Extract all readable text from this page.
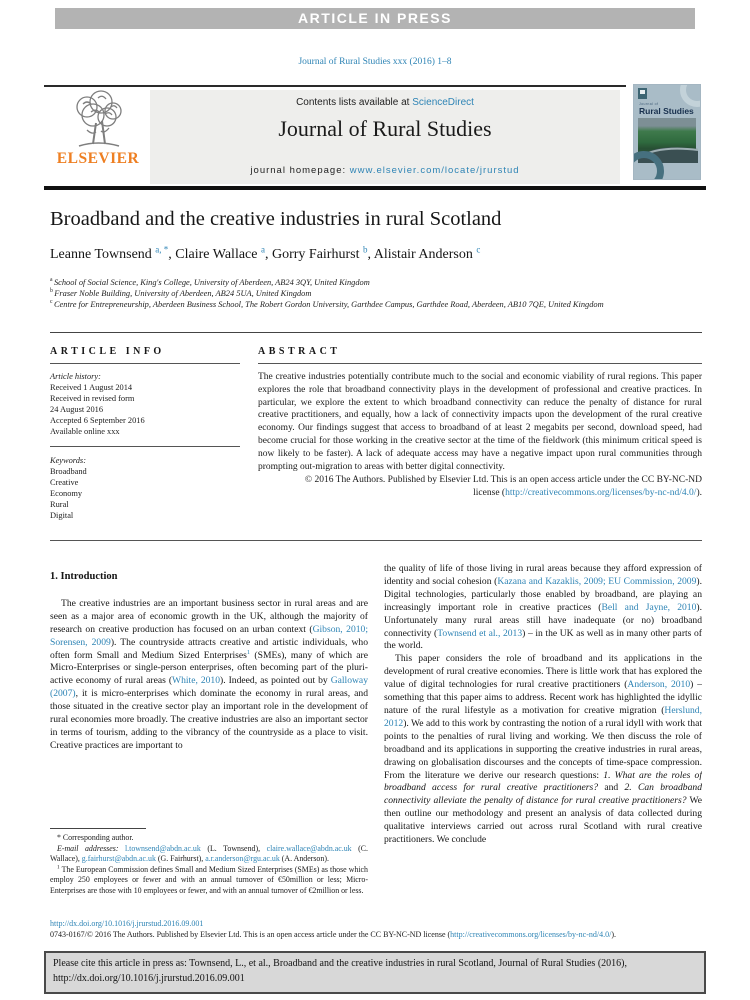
ARTICLE IN PRESS
Journal of Rural Studies xxx (2016) 1–8
ELSEVIER
Contents lists available at ScienceDirect
Journal of Rural Studies
journal homepage: www.elsevier.com/locate/jrurstud
Journal of
Rural Studies
Broadband and the creative industries in rural Scotland
Leanne Townsend $^{a, *}$, Claire Wallace $^a$, Gorry Fairhurst $^b$, Alistair Anderson $^c$
$^a$ School of Social Science, King's College, University of Aberdeen, AB24 3QY, United Kingdom
$^b$ Fraser Noble Building, University of Aberdeen, AB24 5UA, United Kingdom
$^c$ Centre for Entrepreneurship, Aberdeen Business School, The Robert Gordon University, Garthdee Campus, Garthdee Road, Aberdeen, AB10 7QE, United Kingdom
ARTICLE INFO
Article history:
Received 1 August 2014
Received in revised form
24 August 2016
Accepted 6 September 2016
Available online xxx
Keywords:
Broadband
Creative
Economy
Rural
Digital
ABSTRACT

The creative industries potentially contribute much to the social and economic viability of rural regions. This paper explores the role that broadband connectivity plays in the development of professional and creative practices. In particular, we explore the extent to which broadband connectivity can reduce the penalty of distance for rural creative practitioners, and equally, how a lack of connectivity impacts upon the development of the rural creative economy. Our findings suggest that access to broadband of at least 2 megabits per second, download speed, had become crucial for those working in the creative sector at the time of the fieldwork (this minimum critical speed is now likely to be faster). A lack of adequate access may have a negative impact upon rural communities through prompting out-migration to areas with better digital connectivity.

© 2016 The Authors. Published by Elsevier Ltd. This is an open access article under the CC BY-NC-ND
license (http://creativecommons.org/licenses/by-nc-nd/4.0/).
1. Introduction

The creative industries are an important business sector in rural areas and are seen as a major area of economic growth in the UK, although the majority of research on creative production has focused on an urban context (Gibson, 2010; Sorensen, 2009). The countryside attracts creative and artistic individuals, who often form Small and Medium Sized Enterprises$^1$ (SMEs), many of which are Micro-Enterprises or single-person enterprises, often becoming part of the pluri-active economy of rural areas (White, 2010). Indeed, as pointed out by Galloway (2007), it is micro-enterprises which dominate the economy in rural areas, and those situated in the creative sector play an important role in the development of rural economies more broadly. The creative industries are also an important sector in terms of tourism, adding to the vibrancy of the countryside as a place to visit. Creative practices are important to

the quality of life of those living in rural areas because they afford expression of identity and social cohesion (Kazana and Kazaklis, 2009; EU Commission, 2009). Digital technologies, particularly those enabled by broadband, are playing an increasingly important role in creative practices (Bell and Jayne, 2010). Unfortunately many rural areas still have inadequate (or no) broadband connectivity (Townsend et al., 2013) – in the UK as well as in many other parts of the world.

This paper considers the role of broadband and its applications in the development of rural creative economies. There is little work that has explored the value of digital technologies for rural creative practitioners (Anderson, 2010) – something that this paper aims to address. Recent work has highlighted the idyllic nature of the rural lifestyle as a motivation for creative migration (Herslund, 2012). We add to this work by contrasting the notion of a rural idyll with work that points to the penalties of rural living and working. We then discuss the role of broadband and its applications in supporting the creative industries in rural areas, drawing on globalisation discourses and the concepts of time-space compression. From the literature we derive our research questions: 1. What are the roles of broadband access for rural creative practitioners? and 2. Can broadband connectivity alleviate the penalty of distance for rural creative practitioners? We then outline our methodology and present an analysis of data collected during qualitative interviews carried out across rural Scotland with rural creative practitioners. We conclude

* Corresponding author.
E-mail addresses: l.townsend@abdn.ac.uk (L. Townsend), claire.wallace@abdn.ac.uk (C. Wallace), g.fairhurst@abdn.ac.uk (G. Fairhurst), a.r.anderson@rgu.ac.uk (A. Anderson).
$^1$ The European Commission defines Small and Medium Sized Enterprises (SMEs) as those which employ 250 employees or fewer and with an annual turnover of €50million or less; Micro-Enterprises are those with 10 employees or fewer, and with an annual turnover of €2million or less.
http://dx.doi.org/10.1016/j.jrurstud.2016.09.001
0743-0167/© 2016 The Authors. Published by Elsevier Ltd. This is an open access article under the CC BY-NC-ND license (http://creativecommons.org/licenses/by-nc-nd/4.0/).
Please cite this article in press as: Townsend, L., et al., Broadband and the creative industries in rural Scotland, Journal of Rural Studies (2016), http://dx.doi.org/10.1016/j.jrurstud.2016.09.001
